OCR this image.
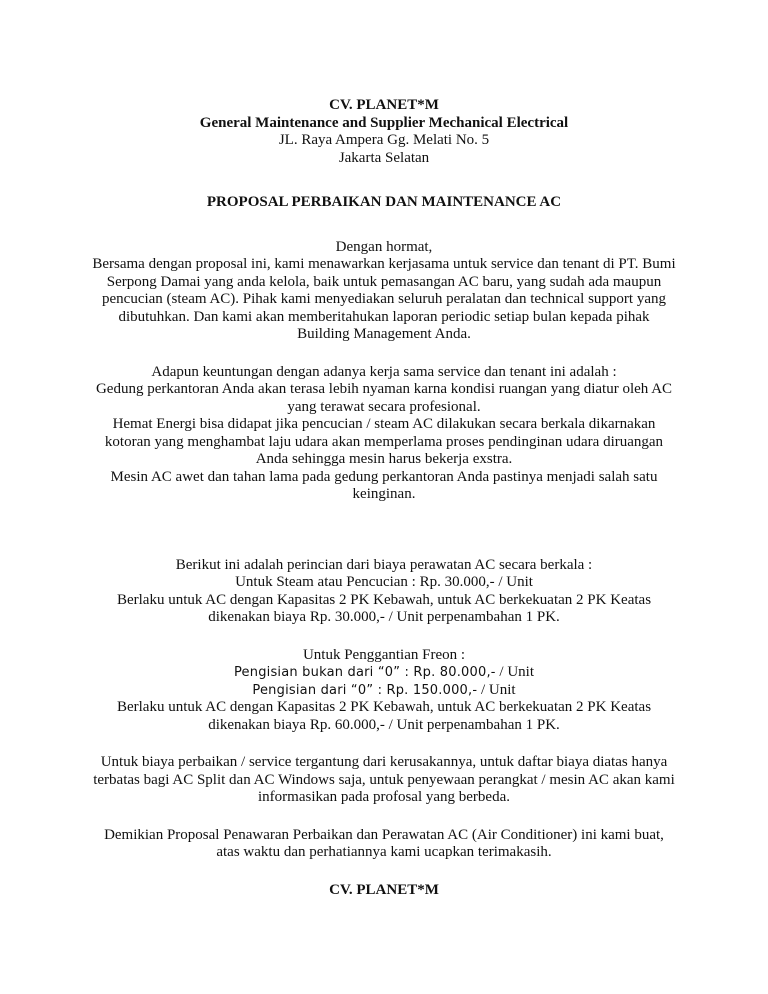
CV. PLANET*M
General Maintenance and Supplier Mechanical Electrical
JL. Raya Ampera Gg. Melati No. 5
Jakarta Selatan
PROPOSAL PERBAIKAN DAN MAINTENANCE AC
Dengan hormat,
Bersama dengan proposal ini, kami menawarkan kerjasama untuk service dan tenant di PT. Bumi
Serpong Damai yang anda kelola, baik untuk pemasangan AC baru, yang sudah ada maupun
pencucian (steam AC). Pihak kami menyediakan seluruh peralatan dan technical support yang
dibutuhkan. Dan kami akan memberitahukan laporan periodic setiap bulan kepada pihak
Building Management Anda.
Adapun keuntungan dengan adanya kerja sama service dan tenant ini adalah :
Gedung perkantoran Anda akan terasa lebih nyaman karna kondisi ruangan yang diatur oleh AC
yang terawat secara profesional.
Hemat Energi bisa didapat jika pencucian / steam AC dilakukan secara berkala dikarnakan
kotoran yang menghambat laju udara akan memperlama proses pendinginan udara diruangan
Anda sehingga mesin harus bekerja exstra.
Mesin AC awet dan tahan lama pada gedung perkantoran Anda pastinya menjadi salah satu
keinginan.
Berikut ini adalah perincian dari biaya perawatan AC secara berkala :
Untuk Steam atau Pencucian : Rp. 30.000,- / Unit
Berlaku untuk AC dengan Kapasitas 2 PK Kebawah, untuk AC berkekuatan 2 PK Keatas
dikenakan biaya Rp. 30.000,- / Unit perpenambahan 1 PK.
Untuk Penggantian Freon :
Pengisian bukan dari “0” : Rp. 80.000,- / Unit
Pengisian dari “0” : Rp. 150.000,- / Unit
Berlaku untuk AC dengan Kapasitas 2 PK Kebawah, untuk AC berkekuatan 2 PK Keatas
dikenakan biaya Rp. 60.000,- / Unit perpenambahan 1 PK.
Untuk biaya perbaikan / service tergantung dari kerusakannya, untuk daftar biaya diatas hanya
terbatas bagi AC Split dan AC Windows saja, untuk penyewaan perangkat / mesin AC akan kami
informasikan pada profosal yang berbeda.
Demikian Proposal Penawaran Perbaikan dan Perawatan AC (Air Conditioner) ini kami buat,
atas waktu dan perhatiannya kami ucapkan terimakasih.
CV. PLANET*M
